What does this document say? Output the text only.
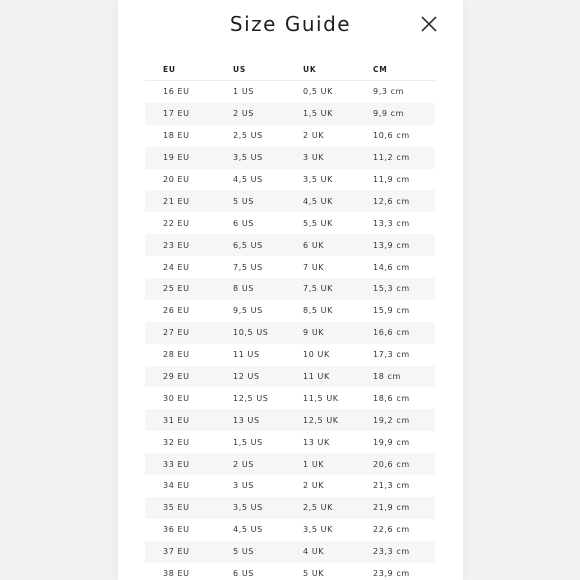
Size Guide
EU	US	UK	CM
16 EU	1 US	0,5 UK	9,3 cm
17 EU	2 US	1,5 UK	9,9 cm
18 EU	2,5 US	2 UK	10,6 cm
19 EU	3,5 US	3 UK	11,2 cm
20 EU	4,5 US	3,5 UK	11,9 cm
21 EU	5 US	4,5 UK	12,6 cm
22 EU	6 US	5,5 UK	13,3 cm
23 EU	6,5 US	6 UK	13,9 cm
24 EU	7,5 US	7 UK	14,6 cm
25 EU	8 US	7,5 UK	15,3 cm
26 EU	9,5 US	8,5 UK	15,9 cm
27 EU	10,5 US	9 UK	16,6 cm
28 EU	11 US	10 UK	17,3 cm
29 EU	12 US	11 UK	18 cm
30 EU	12,5 US	11,5 UK	18,6 cm
31 EU	13 US	12,5 UK	19,2 cm
32 EU	1,5 US	13 UK	19,9 cm
33 EU	2 US	1 UK	20,6 cm
34 EU	3 US	2 UK	21,3 cm
35 EU	3,5 US	2,5 UK	21,9 cm
36 EU	4,5 US	3,5 UK	22,6 cm
37 EU	5 US	4 UK	23,3 cm
38 EU	6 US	5 UK	23,9 cm
